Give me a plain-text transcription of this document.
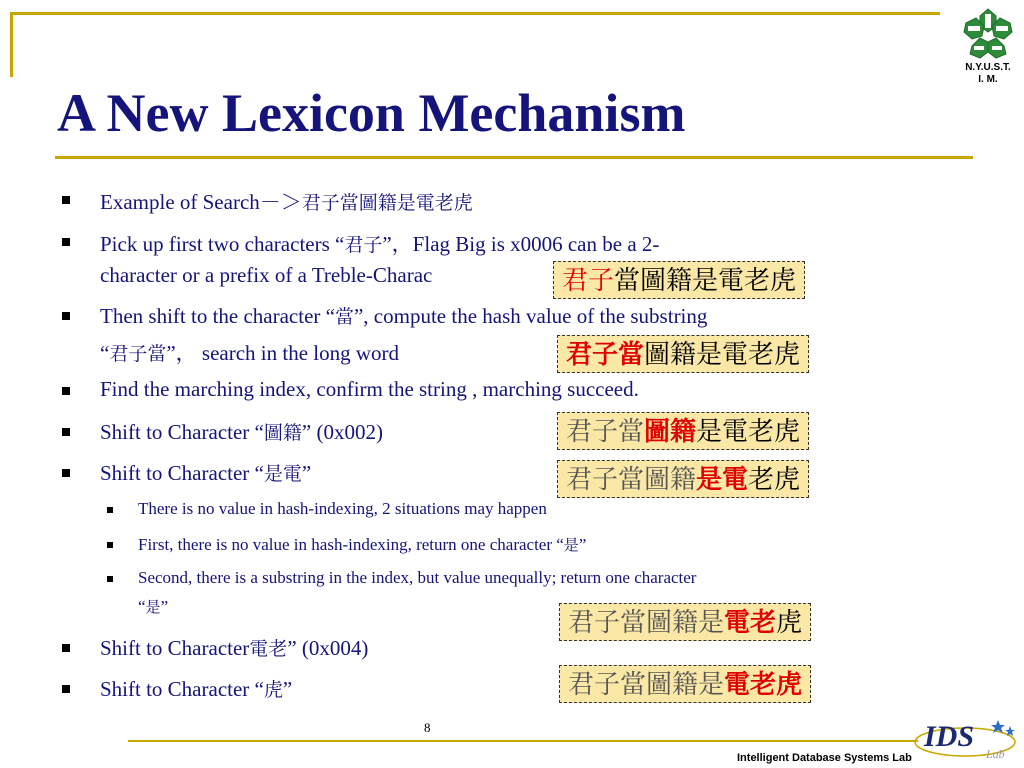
N.Y.U.S.T.
I. M.
A New Lexicon Mechanism
Example of Search－＞君子當圖籍是電老虎
Pick up first two characters “君子”，Flag Big is x0006 can be a 2-
character or a prefix of a Treble-Charac
Then shift to the character “當”, compute the hash value of the substring
“君子當”， search in the long word
Find the marching index, confirm the string , marching succeed.
Shift to Character “圖籍” (0x002)
Shift to Character “是電”
There is no value in hash-indexing, 2 situations may happen
First, there is no value in hash-indexing, return one character “是”
Second, there is a substring in the index, but value unequally; return one character
“是”
Shift to Character電老” (0x004)
Shift to Character “虎”
君子當圖籍是電老虎
君子當圖籍是電老虎
君子當圖籍是電老虎
君子當圖籍是電老虎
君子當圖籍是電老虎
君子當圖籍是電老虎
8
Intelligent Database Systems Lab
IDS
Lab
